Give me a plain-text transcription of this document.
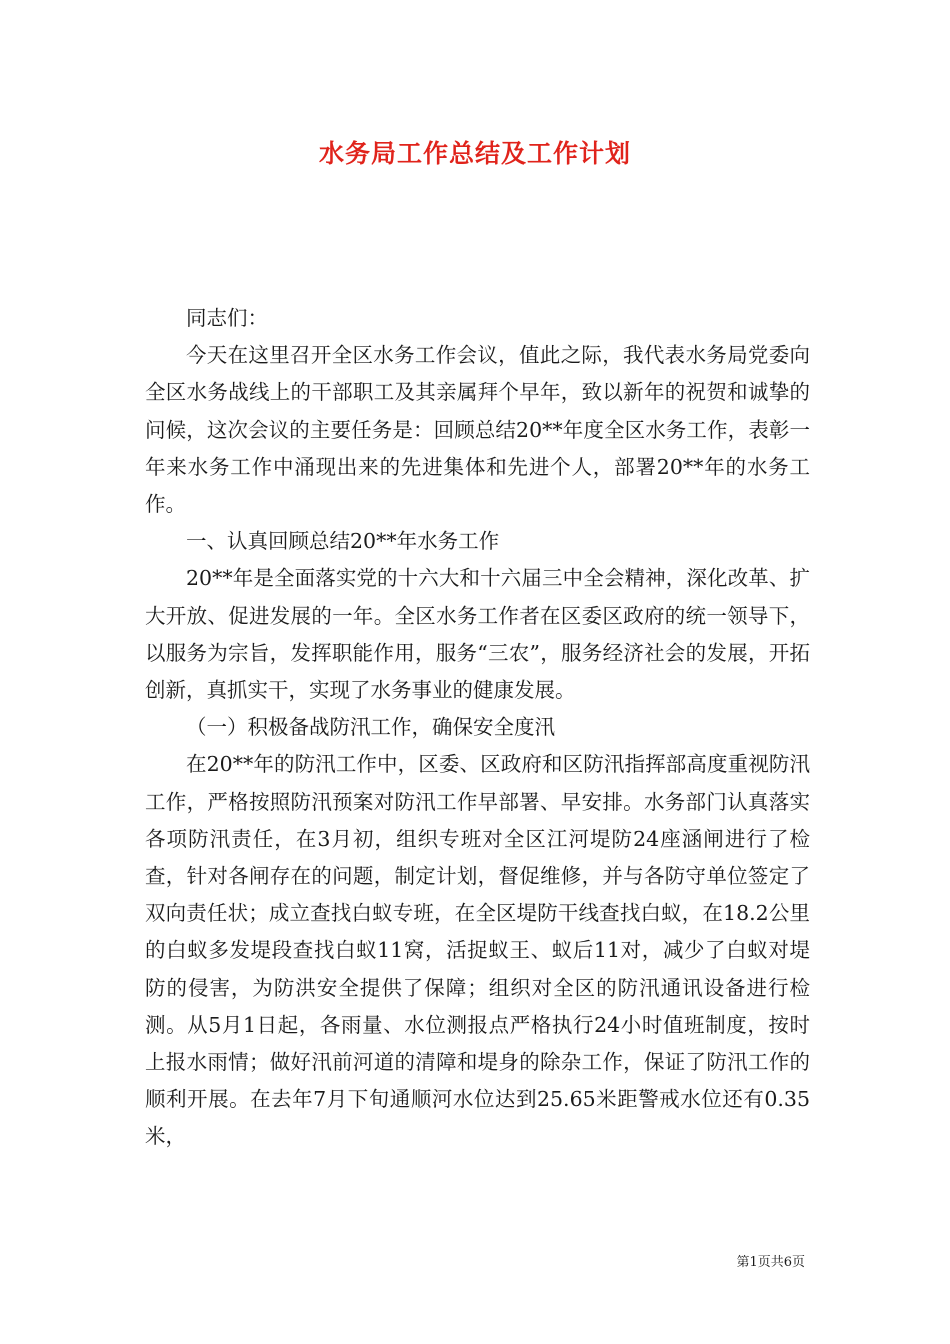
水务局工作总结及工作计划

同志们：

今天在这里召开全区水务工作会议，值此之际，我代表水务局党委向全区水务战线上的干部职工及其亲属拜个早年，致以新年的祝贺和诚挚的问候，这次会议的主要任务是：回顾总结20**年度全区水务工作，表彰一年来水务工作中涌现出来的先进集体和先进个人，部署20**年的水务工作。

一、认真回顾总结20**年水务工作

20**年是全面落实党的十六大和十六届三中全会精神，深化改革、扩大开放、促进发展的一年。全区水务工作者在区委区政府的统一领导下，以服务为宗旨，发挥职能作用，服务“三农”，服务经济社会的发展，开拓创新，真抓实干，实现了水务事业的健康发展。

（一）积极备战防汛工作，确保安全度汛

在20**年的防汛工作中，区委、区政府和区防汛指挥部高度重视防汛工作，严格按照防汛预案对防汛工作早部署、早安排。水务部门认真落实各项防汛责任，在3月初，组织专班对全区江河堤防24座涵闸进行了检查，针对各闸存在的问题，制定计划，督促维修，并与各防守单位签定了双向责任状；成立查找白蚁专班，在全区堤防干线查找白蚁，在18.2公里的白蚁多发堤段查找白蚁11窝，活捉蚁王、蚁后11对，减少了白蚁对堤防的侵害，为防洪安全提供了保障；组织对全区的防汛通讯设备进行检测。从5月1日起，各雨量、水位测报点严格执行24小时值班制度，按时上报水雨情；做好汛前河道的清障和堤身的除杂工作，保证了防汛工作的顺利开展。在去年7月下旬通顺河水位达到25.65米距警戒水位还有0.35米，

第1页共6页
